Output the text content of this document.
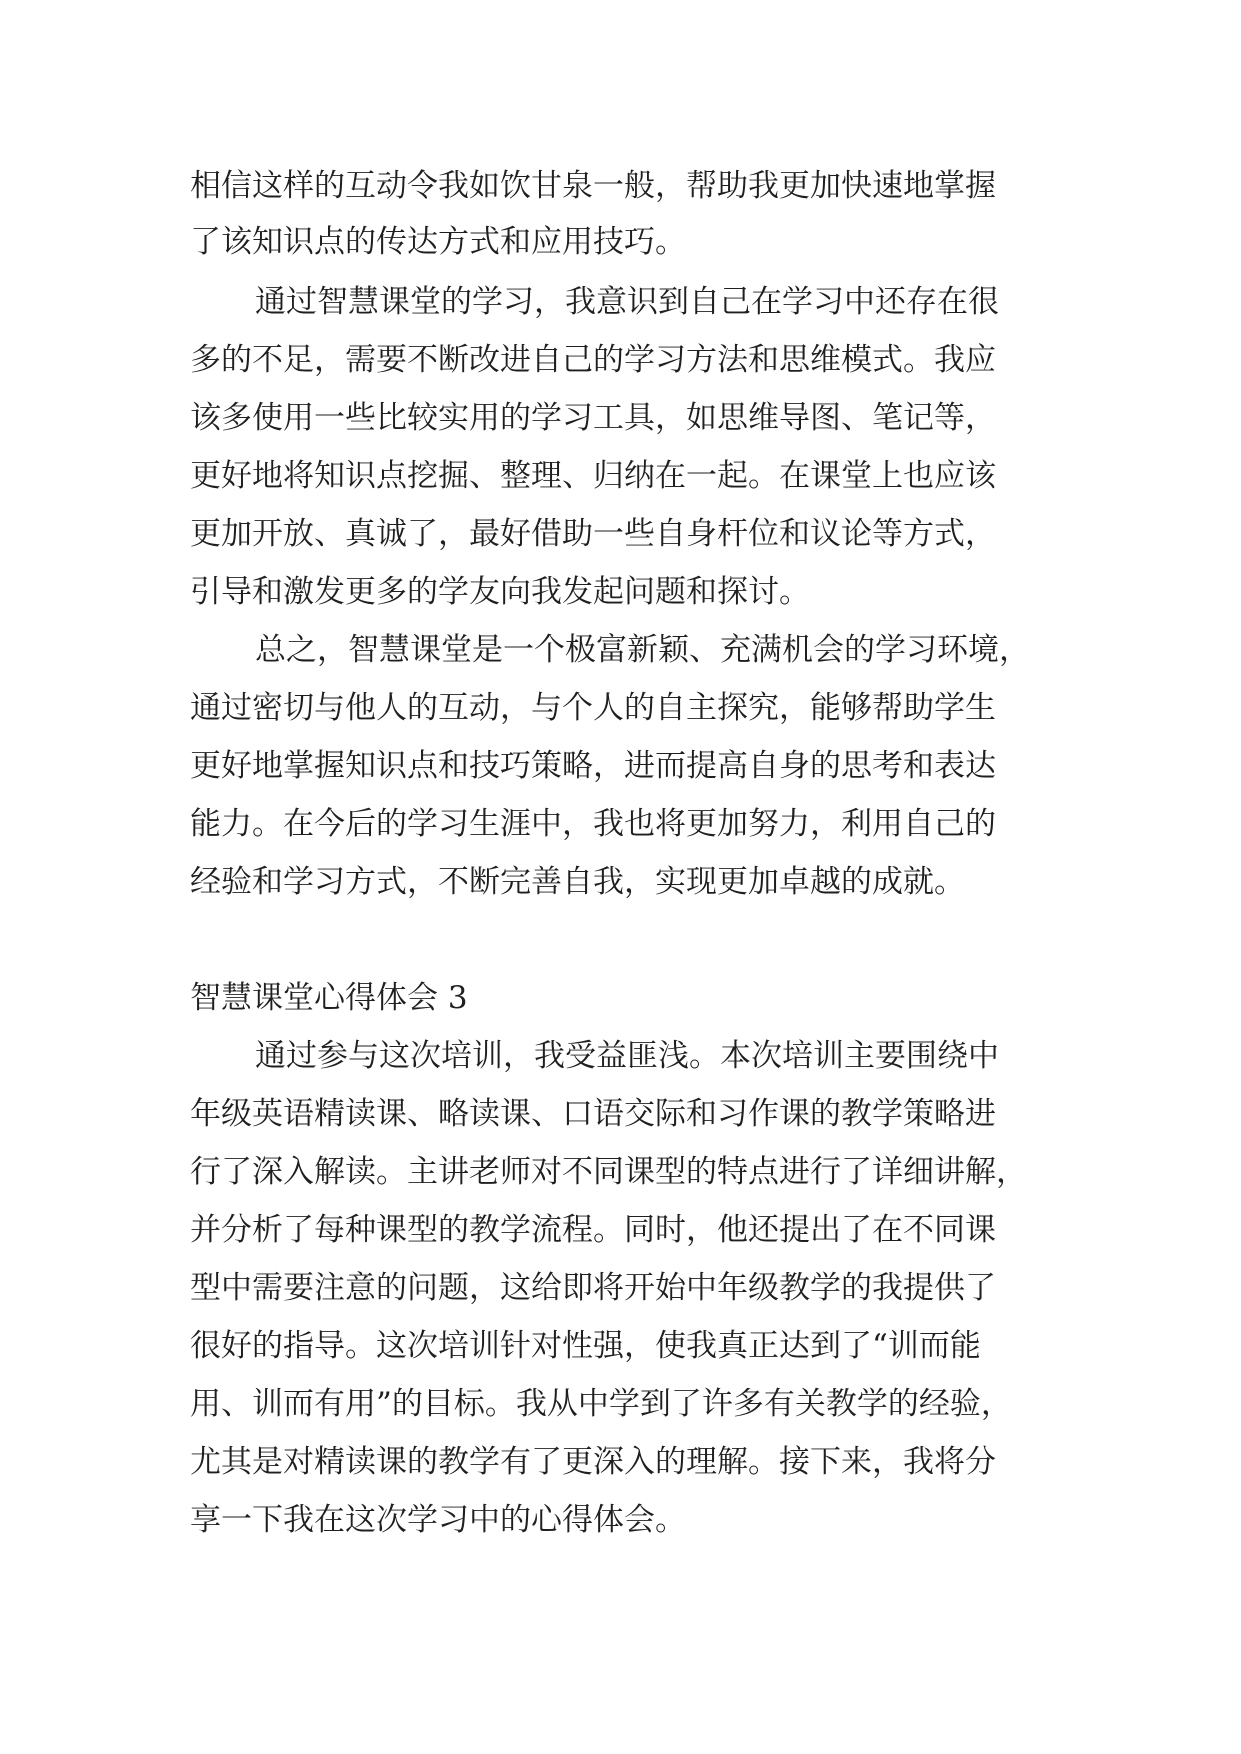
相信这样的互动令我如饮甘泉一般，帮助我更加快速地掌握

了该知识点的传达方式和应用技巧。

通过智慧课堂的学习，我意识到自己在学习中还存在很

多的不足，需要不断改进自己的学习方法和思维模式。我应

该多使用一些比较实用的学习工具，如思维导图、笔记等，

更好地将知识点挖掘、整理、归纳在一起。在课堂上也应该

更加开放、真诚了，最好借助一些自身杆位和议论等方式，

引导和激发更多的学友向我发起问题和探讨。

总之，智慧课堂是一个极富新颖、充满机会的学习环境，

通过密切与他人的互动，与个人的自主探究，能够帮助学生

更好地掌握知识点和技巧策略，进而提高自身的思考和表达

能力。在今后的学习生涯中，我也将更加努力，利用自己的

经验和学习方式，不断完善自我，实现更加卓越的成就。

智慧课堂心得体会 3

通过参与这次培训，我受益匪浅。本次培训主要围绕中

年级英语精读课、略读课、口语交际和习作课的教学策略进

行了深入解读。主讲老师对不同课型的特点进行了详细讲解，

并分析了每种课型的教学流程。同时，他还提出了在不同课

型中需要注意的问题，这给即将开始中年级教学的我提供了

很好的指导。这次培训针对性强，使我真正达到了“训而能

用、训而有用”的目标。我从中学到了许多有关教学的经验，

尤其是对精读课的教学有了更深入的理解。接下来，我将分

享一下我在这次学习中的心得体会。
